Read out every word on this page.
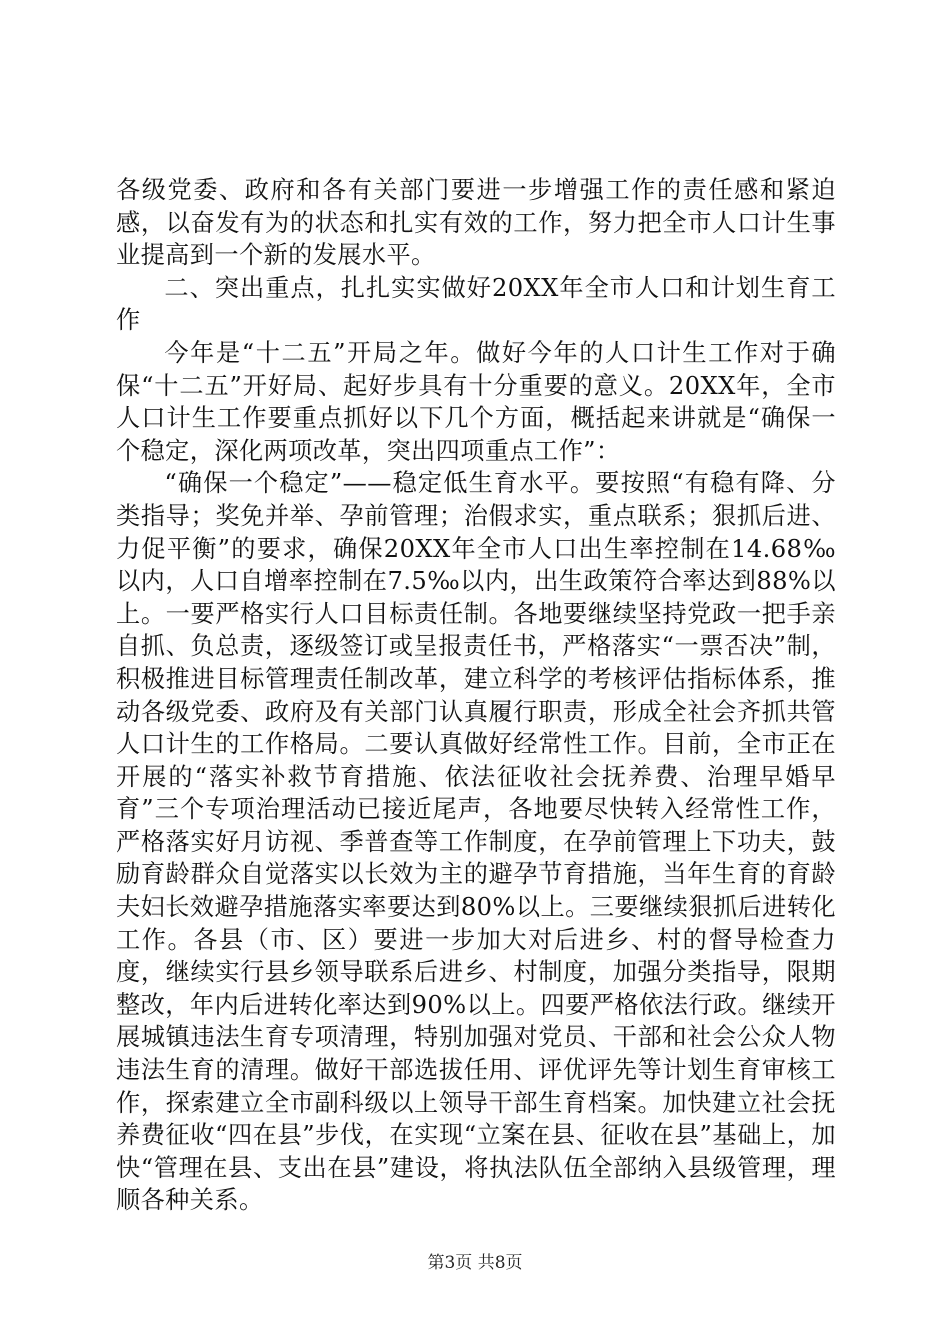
各级党委、政府和各有关部门要进一步增强工作的责任感和紧迫感，以奋发有为的状态和扎实有效的工作，努力把全市人口计生事业提高到一个新的发展水平。

二、突出重点，扎扎实实做好20XX年全市人口和计划生育工作

今年是“十二五”开局之年。做好今年的人口计生工作对于确保“十二五”开好局、起好步具有十分重要的意义。20XX年，全市人口计生工作要重点抓好以下几个方面，概括起来讲就是“确保一个稳定，深化两项改革，突出四项重点工作”：

“确保一个稳定”——稳定低生育水平。要按照“有稳有降、分类指导；奖免并举、孕前管理；治假求实，重点联系；狠抓后进、力促平衡”的要求，确保20XX年全市人口出生率控制在14.68‰以内，人口自增率控制在7.5‰以内，出生政策符合率达到88%以上。一要严格实行人口目标责任制。各地要继续坚持党政一把手亲自抓、负总责，逐级签订或呈报责任书，严格落实“一票否决”制，积极推进目标管理责任制改革，建立科学的考核评估指标体系，推动各级党委、政府及有关部门认真履行职责，形成全社会齐抓共管人口计生的工作格局。二要认真做好经常性工作。目前，全市正在开展的“落实补救节育措施、依法征收社会抚养费、治理早婚早育”三个专项治理活动已接近尾声，各地要尽快转入经常性工作，严格落实好月访视、季普查等工作制度，在孕前管理上下功夫，鼓励育龄群众自觉落实以长效为主的避孕节育措施，当年生育的育龄夫妇长效避孕措施落实率要达到80%以上。三要继续狠抓后进转化工作。各县（市、区）要进一步加大对后进乡、村的督导检查力度，继续实行县乡领导联系后进乡、村制度，加强分类指导，限期整改，年内后进转化率达到90%以上。四要严格依法行政。继续开展城镇违法生育专项清理，特别加强对党员、干部和社会公众人物违法生育的清理。做好干部选拔任用、评优评先等计划生育审核工作，探索建立全市副科级以上领导干部生育档案。加快建立社会抚养费征收“四在县”步伐，在实现“立案在县、征收在县”基础上，加快“管理在县、支出在县”建设，将执法队伍全部纳入县级管理，理顺各种关系。

第3页 共8页
